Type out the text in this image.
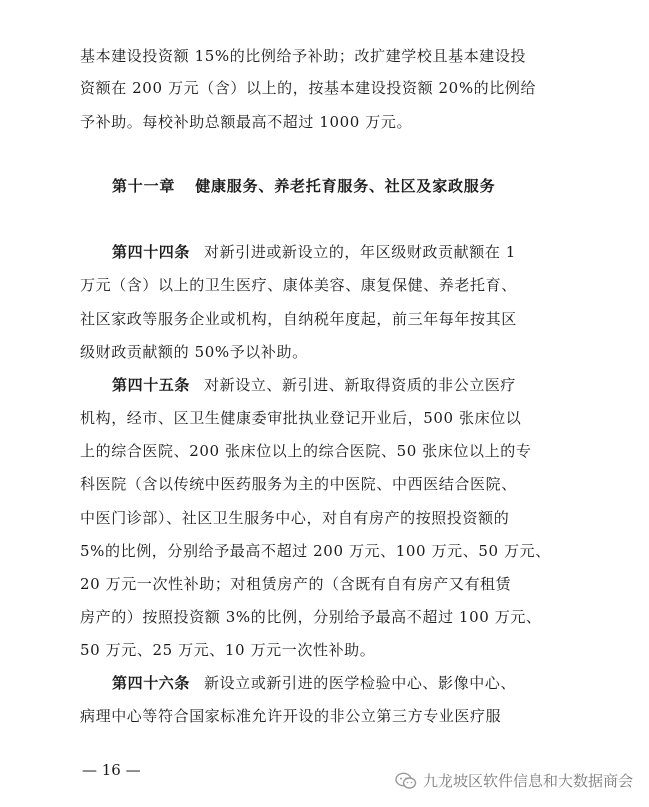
基本建设投资额 15%的比例给予补助；改扩建学校且基本建设投
资额在 200 万元（含）以上的，按基本建设投资额 20%的比例给
予补助。每校补助总额最高不超过 1000 万元。
第十一章 健康服务、养老托育服务、社区及家政服务
第四十四条 对新引进或新设立的，年区级财政贡献额在 1
万元（含）以上的卫生医疗、康体美容、康复保健、养老托育、
社区家政等服务企业或机构，自纳税年度起，前三年每年按其区
级财政贡献额的 50%予以补助。
第四十五条 对新设立、新引进、新取得资质的非公立医疗
机构，经市、区卫生健康委审批执业登记开业后，500 张床位以
上的综合医院、200 张床位以上的综合医院、50 张床位以上的专
科医院（含以传统中医药服务为主的中医院、中西医结合医院、
中医门诊部）、社区卫生服务中心，对自有房产的按照投资额的
5%的比例，分别给予最高不超过 200 万元、100 万元、50 万元、
20 万元一次性补助；对租赁房产的（含既有自有房产又有租赁
房产的）按照投资额 3%的比例，分别给予最高不超过 100 万元、
50 万元、25 万元、10 万元一次性补助。
第四十六条 新设立或新引进的医学检验中心、影像中心、
病理中心等符合国家标准允许开设的非公立第三方专业医疗服
— 16 —
九龙坡区软件信息和大数据商会
